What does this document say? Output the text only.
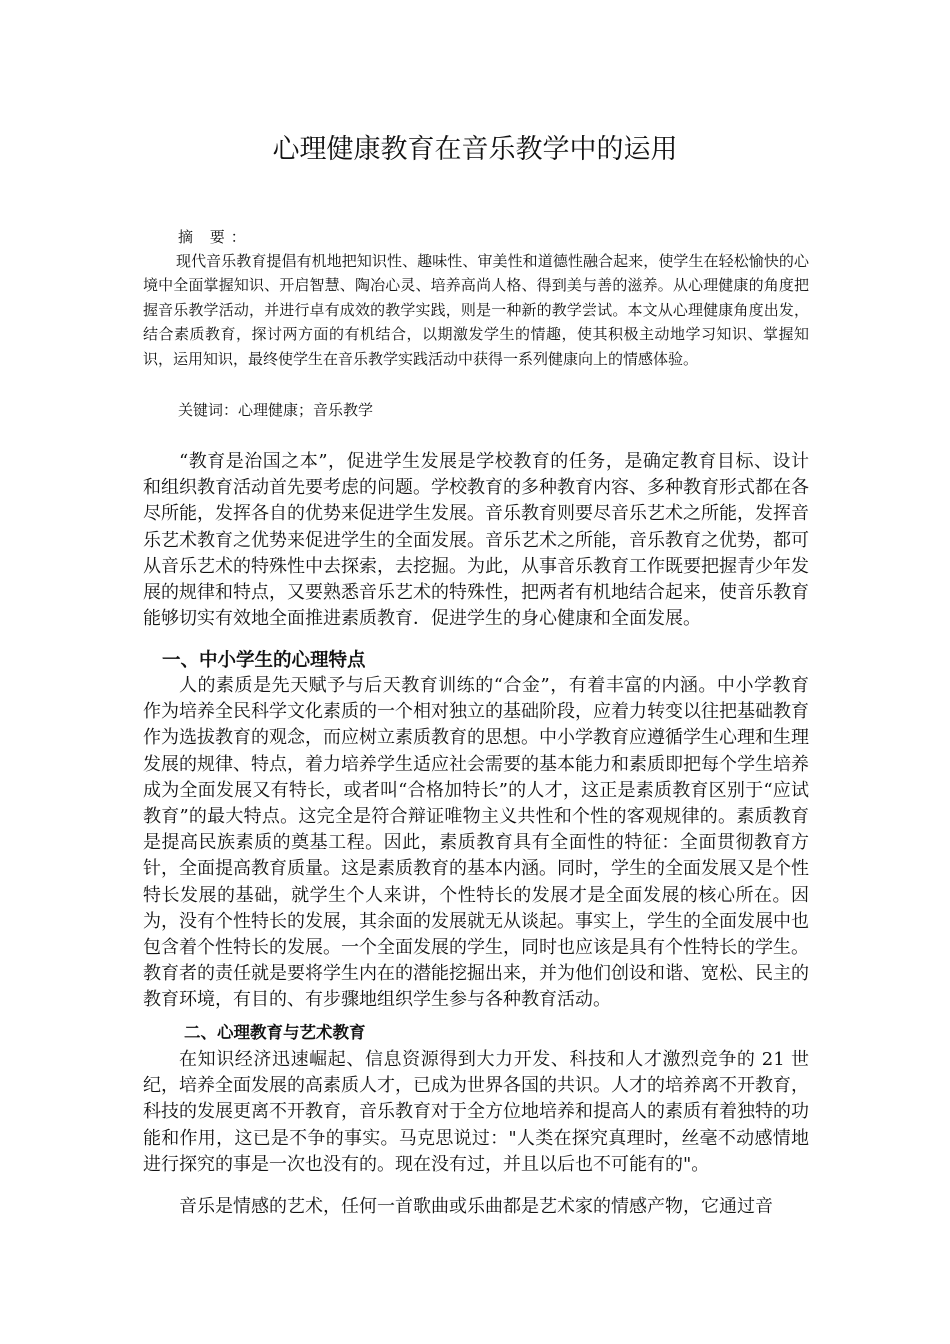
心理健康教育在音乐教学中的运用
摘 要：

现代音乐教育提倡有机地把知识性、趣味性、审美性和道德性融合起来，使学生在轻松愉快的心境中全面掌握知识、开启智慧、陶冶心灵、培养高尚人格、得到美与善的滋养。从心理健康的角度把握音乐教学活动，并进行卓有成效的教学实践，则是一种新的教学尝试。本文从心理健康角度出发，结合素质教育，探讨两方面的有机结合，以期激发学生的情趣，使其积极主动地学习知识、掌握知识，运用知识，最终使学生在音乐教学实践活动中获得一系列健康向上的情感体验。

关键词：心理健康；音乐教学

“教育是治国之本”，促进学生发展是学校教育的任务，是确定教育目标、设计和组织教育活动首先要考虑的问题。学校教育的多种教育内容、多种教育形式都在各尽所能，发挥各自的优势来促进学生发展。音乐教育则要尽音乐艺术之所能，发挥音乐艺术教育之优势来促进学生的全面发展。音乐艺术之所能，音乐教育之优势，都可从音乐艺术的特殊性中去探索，去挖掘。为此，从事音乐教育工作既要把握青少年发展的规律和特点，又要熟悉音乐艺术的特殊性，把两者有机地结合起来，使音乐教育能够切实有效地全面推进素质教育．促进学生的身心健康和全面发展。

一、中小学生的心理特点

人的素质是先天赋予与后天教育训练的“合金”，有着丰富的内涵。中小学教育作为培养全民科学文化素质的一个相对独立的基础阶段，应着力转变以往把基础教育作为选拔教育的观念，而应树立素质教育的思想。中小学教育应遵循学生心理和生理发展的规律、特点，着力培养学生适应社会需要的基本能力和素质即把每个学生培养成为全面发展又有特长，或者叫“合格加特长”的人才，这正是素质教育区别于“应试教育”的最大特点。这完全是符合辩证唯物主义共性和个性的客观规律的。素质教育是提高民族素质的奠基工程。因此，素质教育具有全面性的特征：全面贯彻教育方针，全面提高教育质量。这是素质教育的基本内涵。同时，学生的全面发展又是个性特长发展的基础，就学生个人来讲，个性特长的发展才是全面发展的核心所在。因为，没有个性特长的发展，其余面的发展就无从谈起。事实上，学生的全面发展中也包含着个性特长的发展。一个全面发展的学生，同时也应该是具有个性特长的学生。教育者的责任就是要将学生内在的潜能挖掘出来，并为他们创设和谐、宽松、民主的教育环境，有目的、有步骤地组织学生参与各种教育活动。

二、心理教育与艺术教育

在知识经济迅速崛起、信息资源得到大力开发、科技和人才激烈竞争的 21 世纪，培养全面发展的高素质人才，已成为世界各国的共识。人才的培养离不开教育，科技的发展更离不开教育，音乐教育对于全方位地培养和提高人的素质有着独特的功能和作用，这已是不争的事实。马克思说过："人类在探究真理时，丝毫不动感情地进行探究的事是一次也没有的。现在没有过，并且以后也不可能有的"。

音乐是情感的艺术，任何一首歌曲或乐曲都是艺术家的情感产物，它通过音
